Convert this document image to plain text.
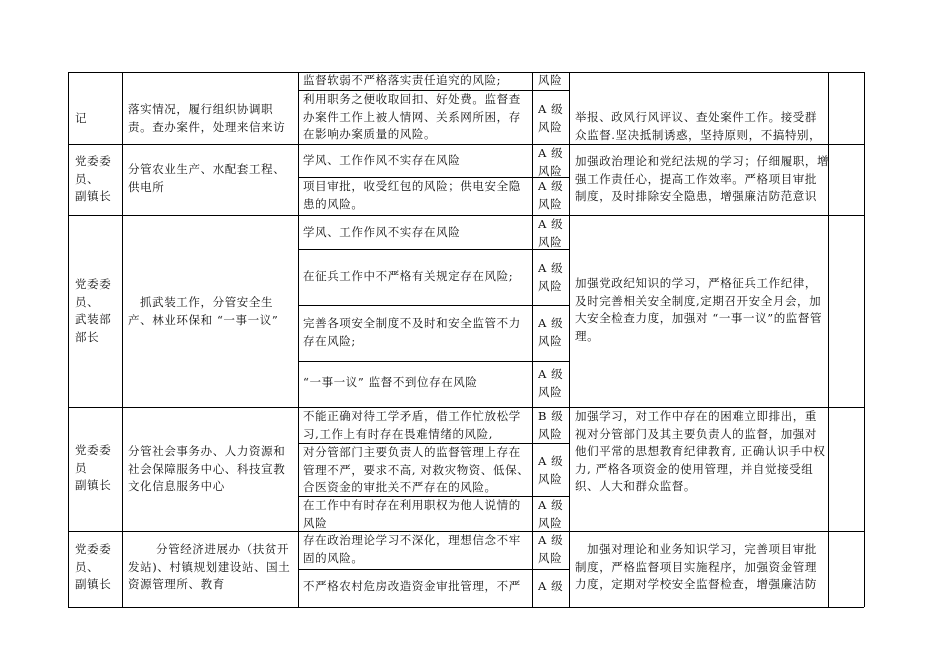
记
落实情况，履行组织协调职
责。查办案件，处理来信来访
监督软弱不严格落实责任追究的风险;	风险
利用职务之便收取回扣、好处费。监督查
办案件工作上被人情网、关系网所困，存
在影响办案质量的风险。
A 级
风险
举报、政风行风评议、查处案件工作。接受群
众监督.坚决抵制诱惑，坚持原则，不搞特别，
党委委
员、
副镇长
分管农业生产、水配套工程、
供电所
学风、工作作风不实存在风险	A 级
风险
项目审批，收受红包的风险；供电安全隐
患的风险。
A 级
风险
加强政治理论和党纪法规的学习；仔细履职，增
强工作责任心，提高工作效率。严格项目审批
制度，及时排除安全隐患，增强廉洁防范意识
党委委
员、
武装部
部长
抓武装工作，分管安全生
产、林业环保和 “一事一议”
学风、工作作风不实存在风险
A 级
风险
在征兵工作中不严格有关规定存在风险;
A 级
风险
完善各项安全制度不及时和安全监管不力
存在风险;
A 级
风险
“一事一议” 监督不到位存在风险
A 级
风险
加强党政纪知识的学习，严格征兵工作纪律，
及时完善相关安全制度,定期召开安全月会，加
大安全检查力度，加强对 “一事一议”的监督管
理。
党委委
员
副镇长
分管社会事务办、人力资源和
社会保障服务中心、科技宣教
文化信息服务中心
不能正确对待工学矛盾，借工作忙放松学
习,工作上有时存在畏难情绪的风险,
B 级
风险
对分管部门主要负责人的监督管理上存在
管理不严，要求不高, 对救灾物资、低保、
合医资金的审批关不严存在的风险。
A 级
风险
在工作中有时存在利用职权为他人说情的
风险
A 级
风险
加强学习，对工作中存在的困难立即排出，重
视对分管部门及其主要负责人的监督，加强对
他们平常的思想教育纪律教育, 正确认识手中权
力, 严格各项资金的使用管理，并自觉接受组
织、人大和群众监督。
党委委
员、
副镇长
分管经济进展办（扶贫开
发站)、村镇规划建设站、国土
资源管理所、教育
存在政治理论学习不深化，理想信念不牢
固的风险。
A 级
风险
不严格农村危房改造资金审批管理，不严 A 级
加强对理论和业务知识学习，完善项目审批
制度，严格监督项目实施程序，加强资金管理
力度，定期对学校安全监督检查，增强廉洁防
